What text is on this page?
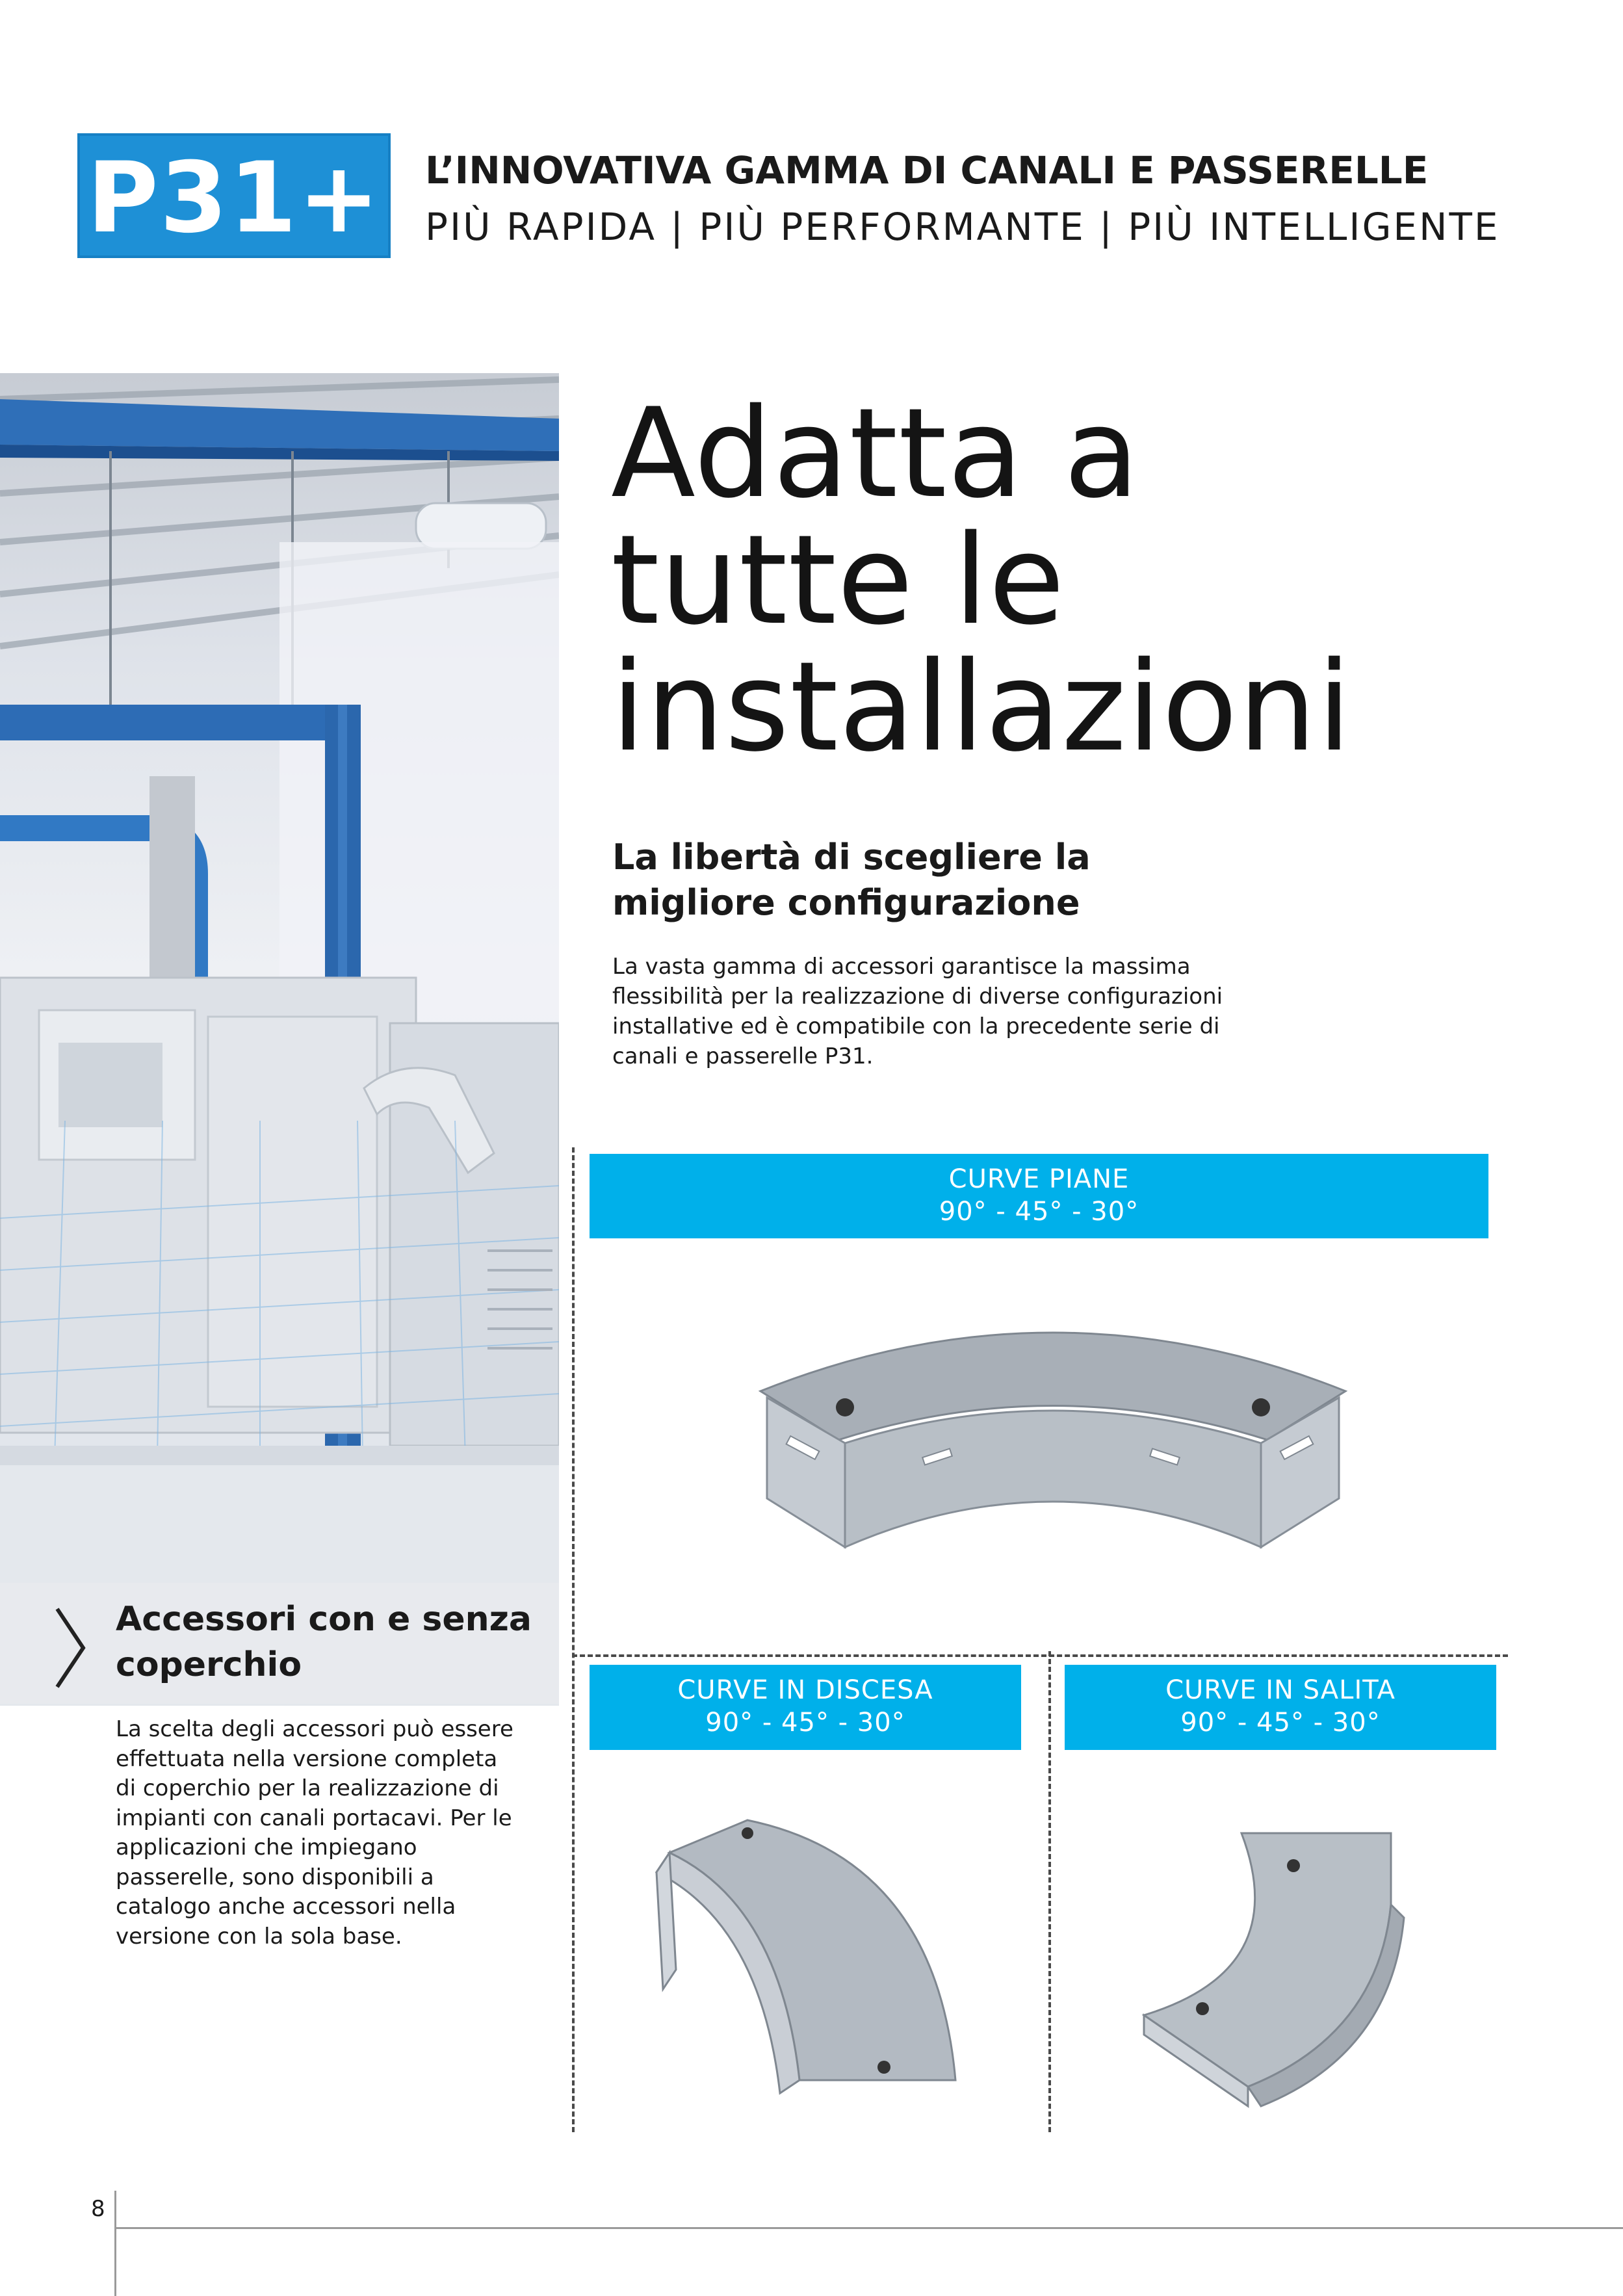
P31+ L’INNOVATIVA GAMMA DI CANALI E PASSERELLE
PIÙ RAPIDA | PIÙ PERFORMANTE | PIÙ INTELLIGENTE
Adatta a
tutte le
installazioni
La libertà di scegliere la migliore configurazione
La vasta gamma di accessori garantisce la massima flessibilità per la realizzazione di diverse configurazioni installative ed è compatibile con la precedente serie di canali e passerelle P31.
CURVE PIANE
90° - 45° - 30°
CURVE IN DISCESA
90° - 45° - 30°
CURVE IN SALITA
90° - 45° - 30°
Accessori con e senza coperchio
La scelta degli accessori può essere effettuata nella versione completa di coperchio per la realizzazione di impianti con canali portacavi. Per le applicazioni che impiegano passerelle, sono disponibili a catalogo anche accessori nella versione con la sola base.
8
